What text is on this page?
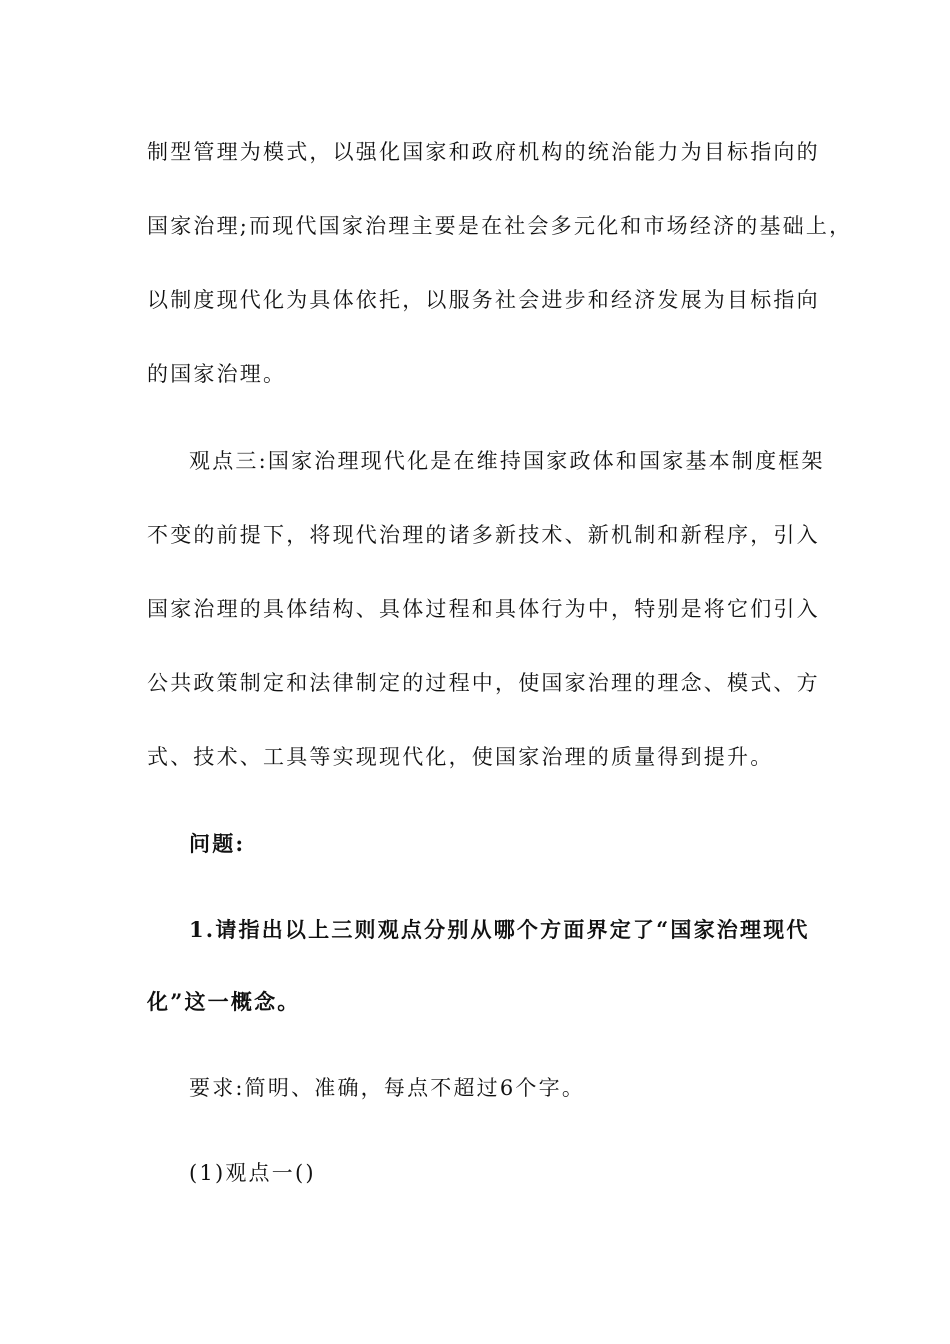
制型管理为模式，以强化国家和政府机构的统治能力为目标指向的
国家治理;而现代国家治理主要是在社会多元化和市场经济的基础上，
以制度现代化为具体依托，以服务社会进步和经济发展为目标指向
的国家治理。
观点三:国家治理现代化是在维持国家政体和国家基本制度框架
不变的前提下，将现代治理的诸多新技术、新机制和新程序，引入
国家治理的具体结构、具体过程和具体行为中，特别是将它们引入
公共政策制定和法律制定的过程中，使国家治理的理念、模式、方
式、技术、工具等实现现代化，使国家治理的质量得到提升。
问题:
1.请指出以上三则观点分别从哪个方面界定了“国家治理现代
化”这一概念。
要求:简明、准确，每点不超过6个字。
(1)观点一()
